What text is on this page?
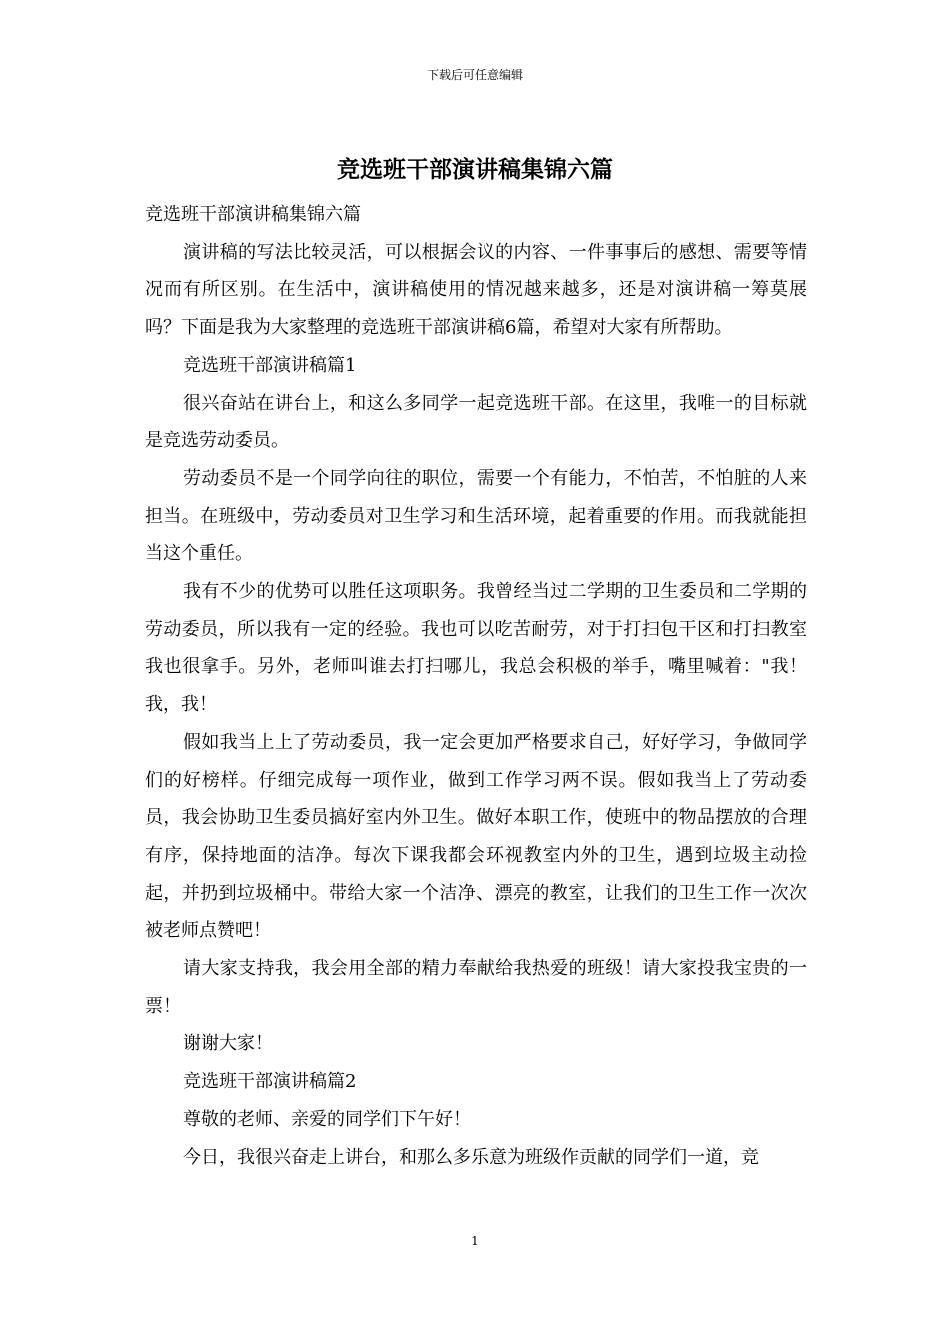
下载后可任意编辑
竞选班干部演讲稿集锦六篇

竞选班干部演讲稿集锦六篇

演讲稿的写法比较灵活，可以根据会议的内容、一件事事后的感想、需要等情况而有所区别。在生活中，演讲稿使用的情况越来越多，还是对演讲稿一筹莫展吗？下面是我为大家整理的竞选班干部演讲稿6篇，希望对大家有所帮助。

竞选班干部演讲稿篇1

很兴奋站在讲台上，和这么多同学一起竞选班干部。在这里，我唯一的目标就是竞选劳动委员。

劳动委员不是一个同学向往的职位，需要一个有能力，不怕苦，不怕脏的人来担当。在班级中，劳动委员对卫生学习和生活环境，起着重要的作用。而我就能担当这个重任。

我有不少的优势可以胜任这项职务。我曾经当过二学期的卫生委员和二学期的劳动委员，所以我有一定的经验。我也可以吃苦耐劳，对于打扫包干区和打扫教室我也很拿手。另外，老师叫谁去打扫哪儿，我总会积极的举手，嘴里喊着："我！我，我！

假如我当上上了劳动委员，我一定会更加严格要求自己，好好学习，争做同学们的好榜样。仔细完成每一项作业，做到工作学习两不误。假如我当上了劳动委员，我会协助卫生委员搞好室内外卫生。做好本职工作，使班中的物品摆放的合理有序，保持地面的洁净。每次下课我都会环视教室内外的卫生，遇到垃圾主动捡起，并扔到垃圾桶中。带给大家一个洁净、漂亮的教室，让我们的卫生工作一次次被老师点赞吧！

请大家支持我，我会用全部的精力奉献给我热爱的班级！请大家投我宝贵的一票！

谢谢大家！

竞选班干部演讲稿篇2

尊敬的老师、亲爱的同学们下午好！

今日，我很兴奋走上讲台，和那么多乐意为班级作贡献的同学们一道，竞

1
